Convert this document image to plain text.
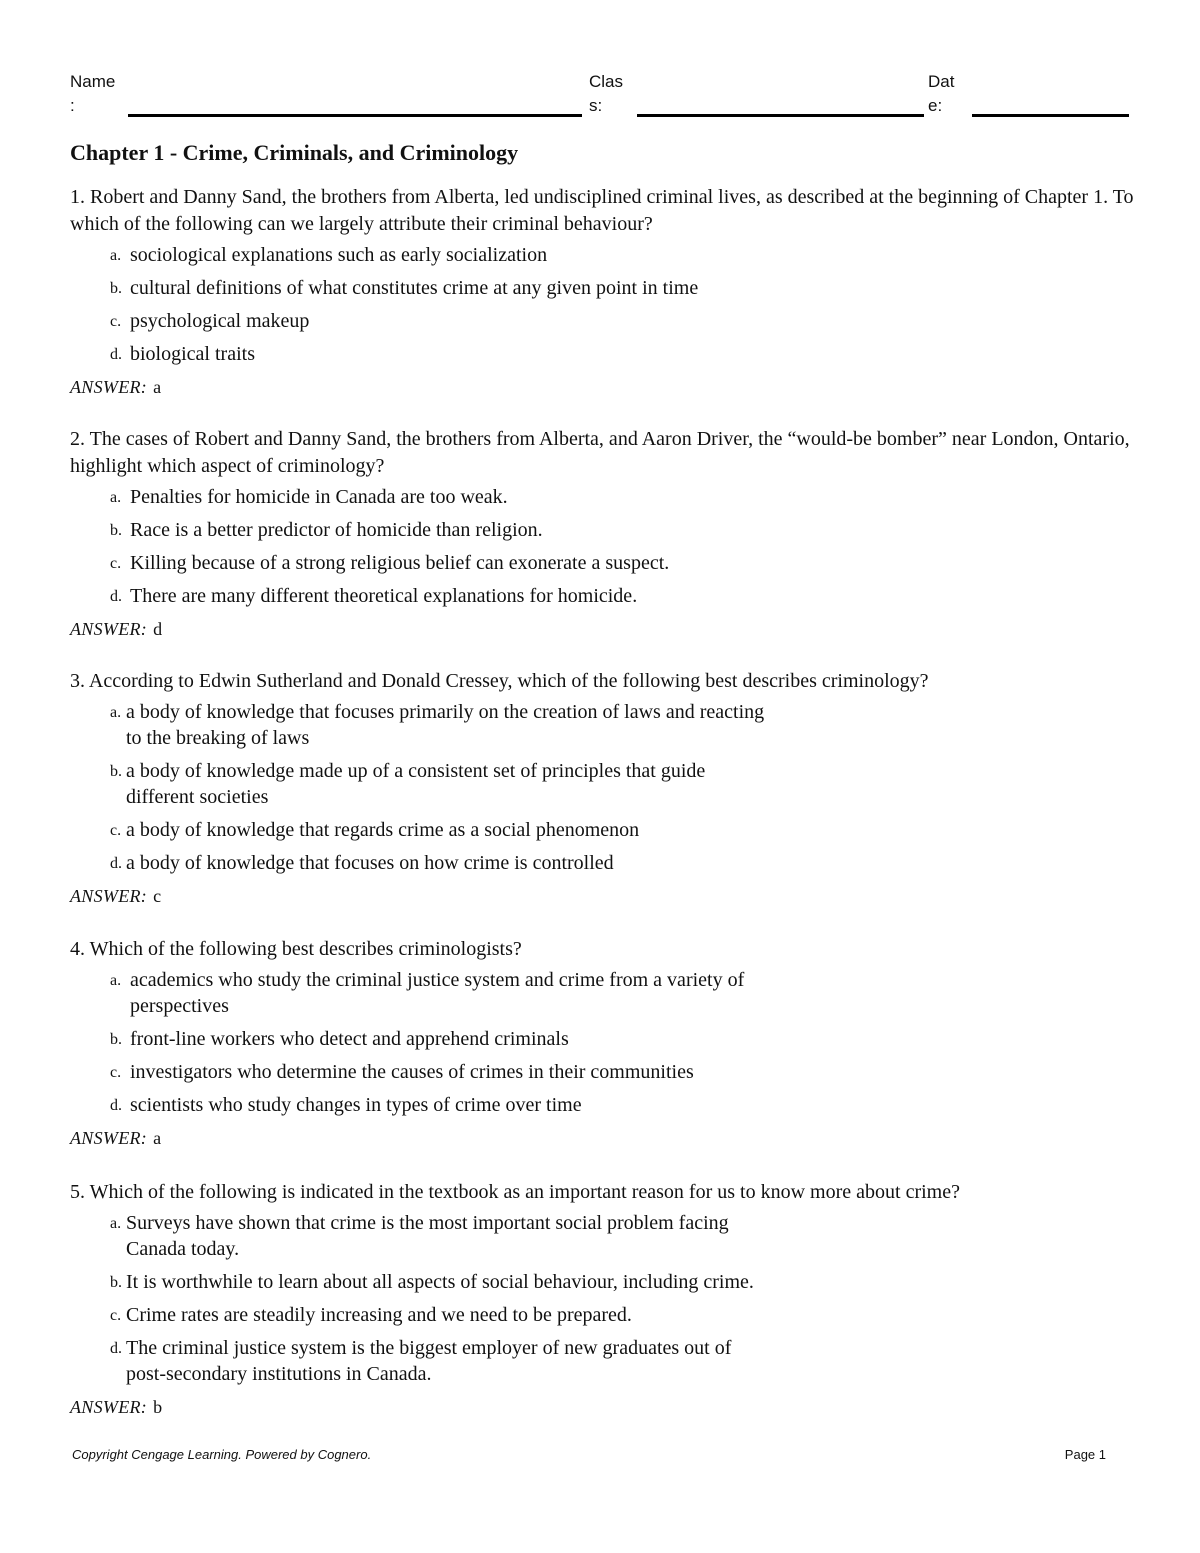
Name
:
Clas
s:
Dat
e:
Chapter 1 - Crime, Criminals, and Criminology

1. Robert and Danny Sand, the brothers from Alberta, led undisciplined criminal lives, as described at the beginning of Chapter 1. To which of the following can we largely attribute their criminal behaviour?

a. sociological explanations such as early socialization
b. cultural definitions of what constitutes crime at any given point in time
c. psychological makeup
d. biological traits

ANSWER: a

2. The cases of Robert and Danny Sand, the brothers from Alberta, and Aaron Driver, the “would-be bomber” near London, Ontario, highlight which aspect of criminology?

a. Penalties for homicide in Canada are too weak.
b. Race is a better predictor of homicide than religion.
c. Killing because of a strong religious belief can exonerate a suspect.
d. There are many different theoretical explanations for homicide.

ANSWER: d

3. According to Edwin Sutherland and Donald Cressey, which of the following best describes criminology?

a. a body of knowledge that focuses primarily on the creation of laws and reacting
to the breaking of laws
b. a body of knowledge made up of a consistent set of principles that guide
different societies
c. a body of knowledge that regards crime as a social phenomenon
d. a body of knowledge that focuses on how crime is controlled

ANSWER: c

4. Which of the following best describes criminologists?

a. academics who study the criminal justice system and crime from a variety of
perspectives
b. front-line workers who detect and apprehend criminals
c. investigators who determine the causes of crimes in their communities
d. scientists who study changes in types of crime over time

ANSWER: a

5. Which of the following is indicated in the textbook as an important reason for us to know more about crime?

a. Surveys have shown that crime is the most important social problem facing
Canada today.
b. It is worthwhile to learn about all aspects of social behaviour, including crime.
c. Crime rates are steadily increasing and we need to be prepared.
d. The criminal justice system is the biggest employer of new graduates out of
post-secondary institutions in Canada.

ANSWER: b

Copyright Cengage Learning. Powered by Cognero.	Page 1
